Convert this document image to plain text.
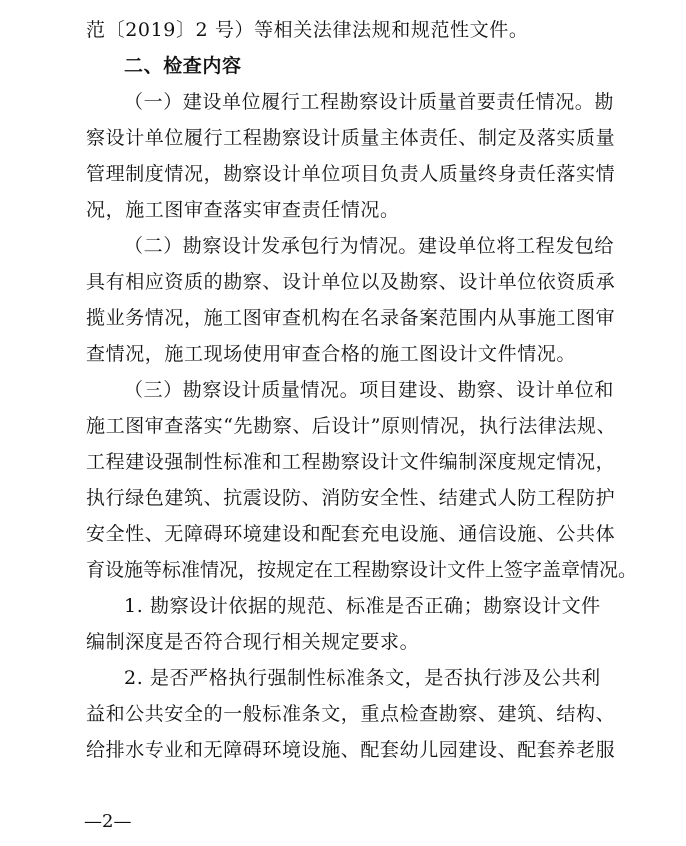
范〔2019〕2 号）等相关法律法规和规范性文件。
二、检查内容
（一）建设单位履行工程勘察设计质量首要责任情况。勘
察设计单位履行工程勘察设计质量主体责任、制定及落实质量
管理制度情况，勘察设计单位项目负责人质量终身责任落实情
况，施工图审查落实审查责任情况。
（二）勘察设计发承包行为情况。建设单位将工程发包给
具有相应资质的勘察、设计单位以及勘察、设计单位依资质承
揽业务情况，施工图审查机构在名录备案范围内从事施工图审
查情况，施工现场使用审查合格的施工图设计文件情况。
（三）勘察设计质量情况。项目建设、勘察、设计单位和
施工图审查落实“先勘察、后设计”原则情况，执行法律法规、
工程建设强制性标准和工程勘察设计文件编制深度规定情况，
执行绿色建筑、抗震设防、消防安全性、结建式人防工程防护
安全性、无障碍环境建设和配套充电设施、通信设施、公共体
育设施等标准情况，按规定在工程勘察设计文件上签字盖章情况。
1. 勘察设计依据的规范、标准是否正确；勘察设计文件
编制深度是否符合现行相关规定要求。
2. 是否严格执行强制性标准条文，是否执行涉及公共利
益和公共安全的一般标准条文，重点检查勘察、建筑、结构、
给排水专业和无障碍环境设施、配套幼儿园建设、配套养老服
—2—
